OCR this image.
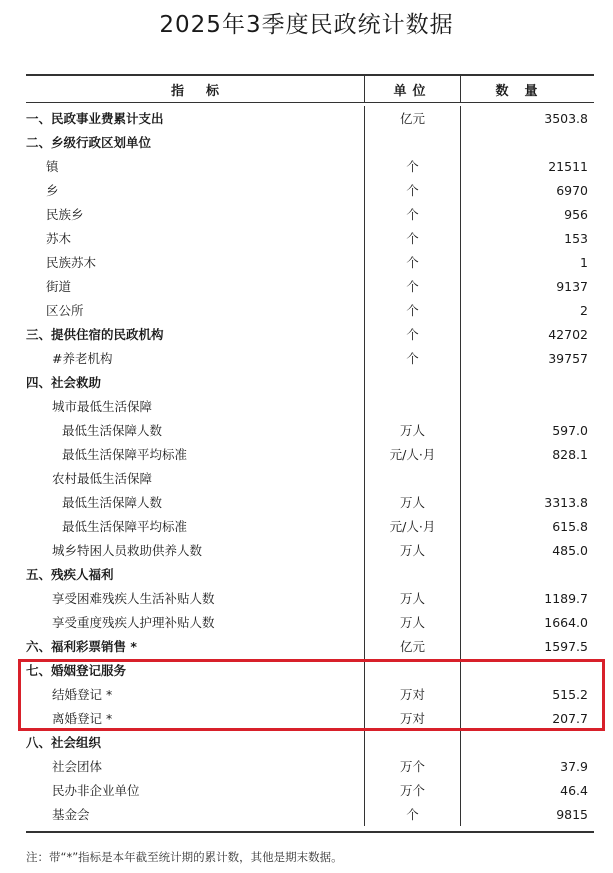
2025年3季度民政统计数据
指标	单位	数量
一、民政事业费累计支出	亿元	3503.8
二、乡级行政区划单位
镇	个	21511
乡	个	6970
民族乡	个	956
苏木	个	153
民族苏木	个	1
街道	个	9137
区公所	个	2
三、提供住宿的民政机构	个	42702
#养老机构	个	39757
四、社会救助
城市最低生活保障
最低生活保障人数	万人	597.0
最低生活保障平均标准	元/人·月	828.1
农村最低生活保障
最低生活保障人数	万人	3313.8
最低生活保障平均标准	元/人·月	615.8
城乡特困人员救助供养人数	万人	485.0
五、残疾人福利
享受困难残疾人生活补贴人数	万人	1189.7
享受重度残疾人护理补贴人数	万人	1664.0
六、福利彩票销售 *	亿元	1597.5
七、婚姻登记服务
结婚登记 *	万对	515.2
离婚登记 *	万对	207.7
八、社会组织
社会团体	万个	37.9
民办非企业单位	万个	46.4
基金会	个	9815
注：带“*”指标是本年截至统计期的累计数，其他是期末数据。
